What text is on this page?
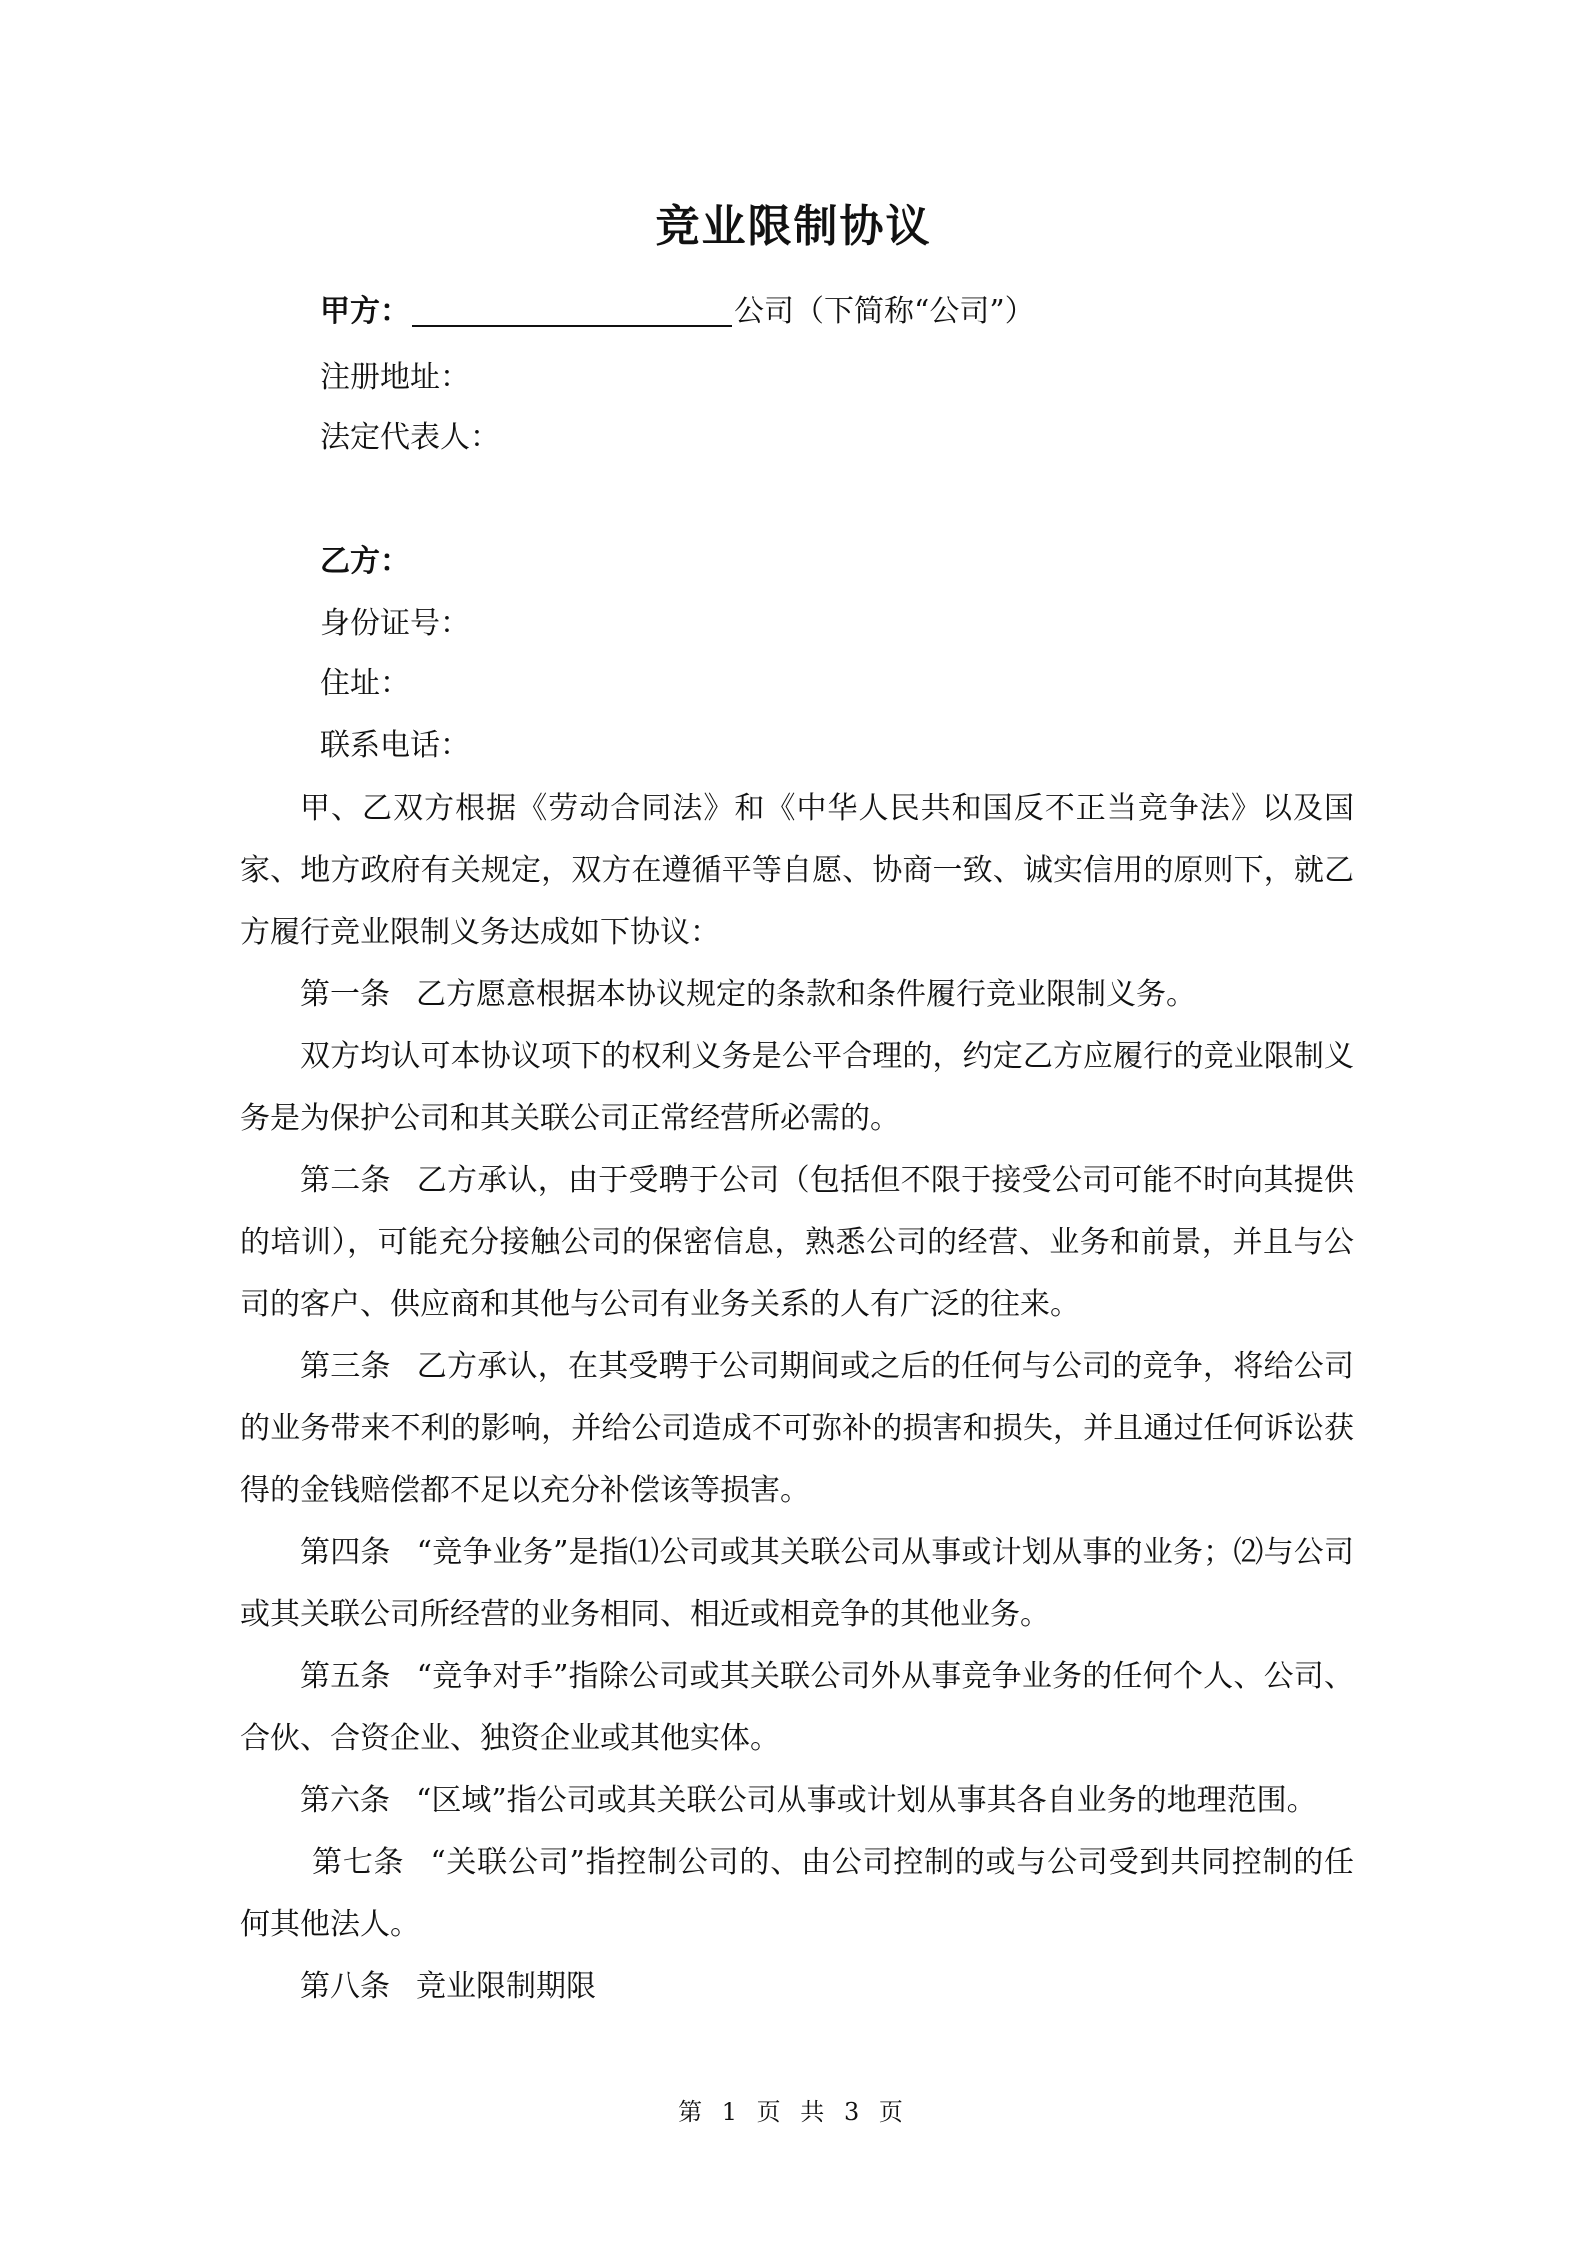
竞业限制协议
甲方：	公司（下简称“公司”）
注册地址：
法定代表人：
乙方：
身份证号：
住址：
联系电话：

甲、乙双方根据《劳动合同法》和《中华人民共和国反不正当竞争法》以及国家、地方政府有关规定，双方在遵循平等自愿、协商一致、诚实信用的原则下，就乙方履行竞业限制义务达成如下协议：

第一条 乙方愿意根据本协议规定的条款和条件履行竞业限制义务。

双方均认可本协议项下的权利义务是公平合理的，约定乙方应履行的竞业限制义务是为保护公司和其关联公司正常经营所必需的。

第二条 乙方承认，由于受聘于公司（包括但不限于接受公司可能不时向其提供的培训），可能充分接触公司的保密信息，熟悉公司的经营、业务和前景，并且与公司的客户、供应商和其他与公司有业务关系的人有广泛的往来。

第三条 乙方承认，在其受聘于公司期间或之后的任何与公司的竞争，将给公司的业务带来不利的影响，并给公司造成不可弥补的损害和损失，并且通过任何诉讼获得的金钱赔偿都不足以充分补偿该等损害。

第四条 “竞争业务”是指⑴公司或其关联公司从事或计划从事的业务；⑵与公司或其关联公司所经营的业务相同、相近或相竞争的其他业务。

第五条 “竞争对手”指除公司或其关联公司外从事竞争业务的任何个人、公司、合伙、合资企业、独资企业或其他实体。

第六条 “区域”指公司或其关联公司从事或计划从事其各自业务的地理范围。

第七条 “关联公司”指控制公司的、由公司控制的或与公司受到共同控制的任何其他法人。

第八条 竞业限制期限

第 1 页 共 3 页
